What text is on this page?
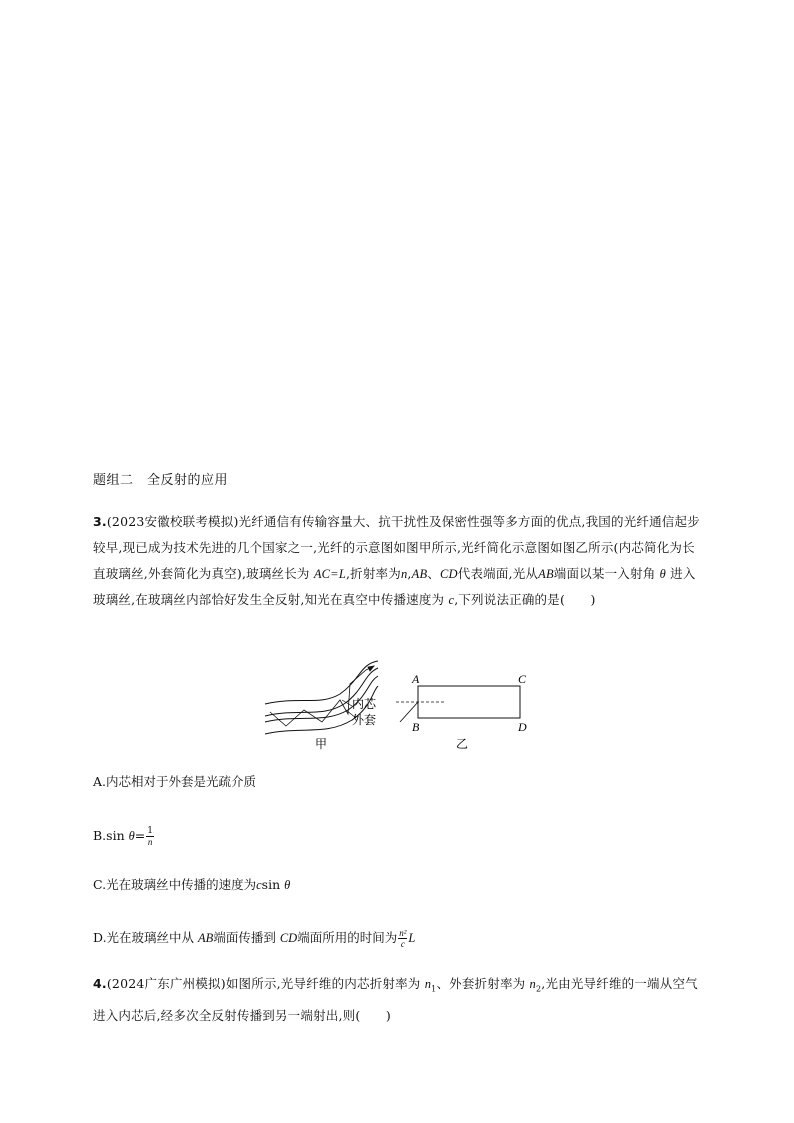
题组二　全反射的应用
3.(2023安徽校联考模拟)光纤通信有传输容量大、抗干扰性及保密性强等多方面的优点,我国的光纤通信起步较早,现已成为技术先进的几个国家之一,光纤的示意图如图甲所示,光纤简化示意图如图乙所示(内芯简化为长直玻璃丝,外套简化为真空),玻璃丝长为 AC=L,折射率为n,AB、CD代表端面,光从AB端面以某一入射角 θ 进入玻璃丝,在玻璃丝内部恰好发生全反射,知光在真空中传播速度为 c,下列说法正确的是(　　)
内芯
外套
甲
A
B
C
D
乙
A.内芯相对于外套是光疏介质
B.sin $\theta= \frac{1}{n}$
C.光在玻璃丝中传播的速度为csin θ
D.光在玻璃丝中从 AB端面传播到 CD端面所用的时间为 $\frac{\text{n²}}{c}$ L
4.(2024广东广州模拟)如图所示,光导纤维的内芯折射率为 $n_1$、外套折射率为 $n_2$,光由光导纤维的一端从空气进入内芯后,经多次全反射传播到另一端射出,则(　　)
